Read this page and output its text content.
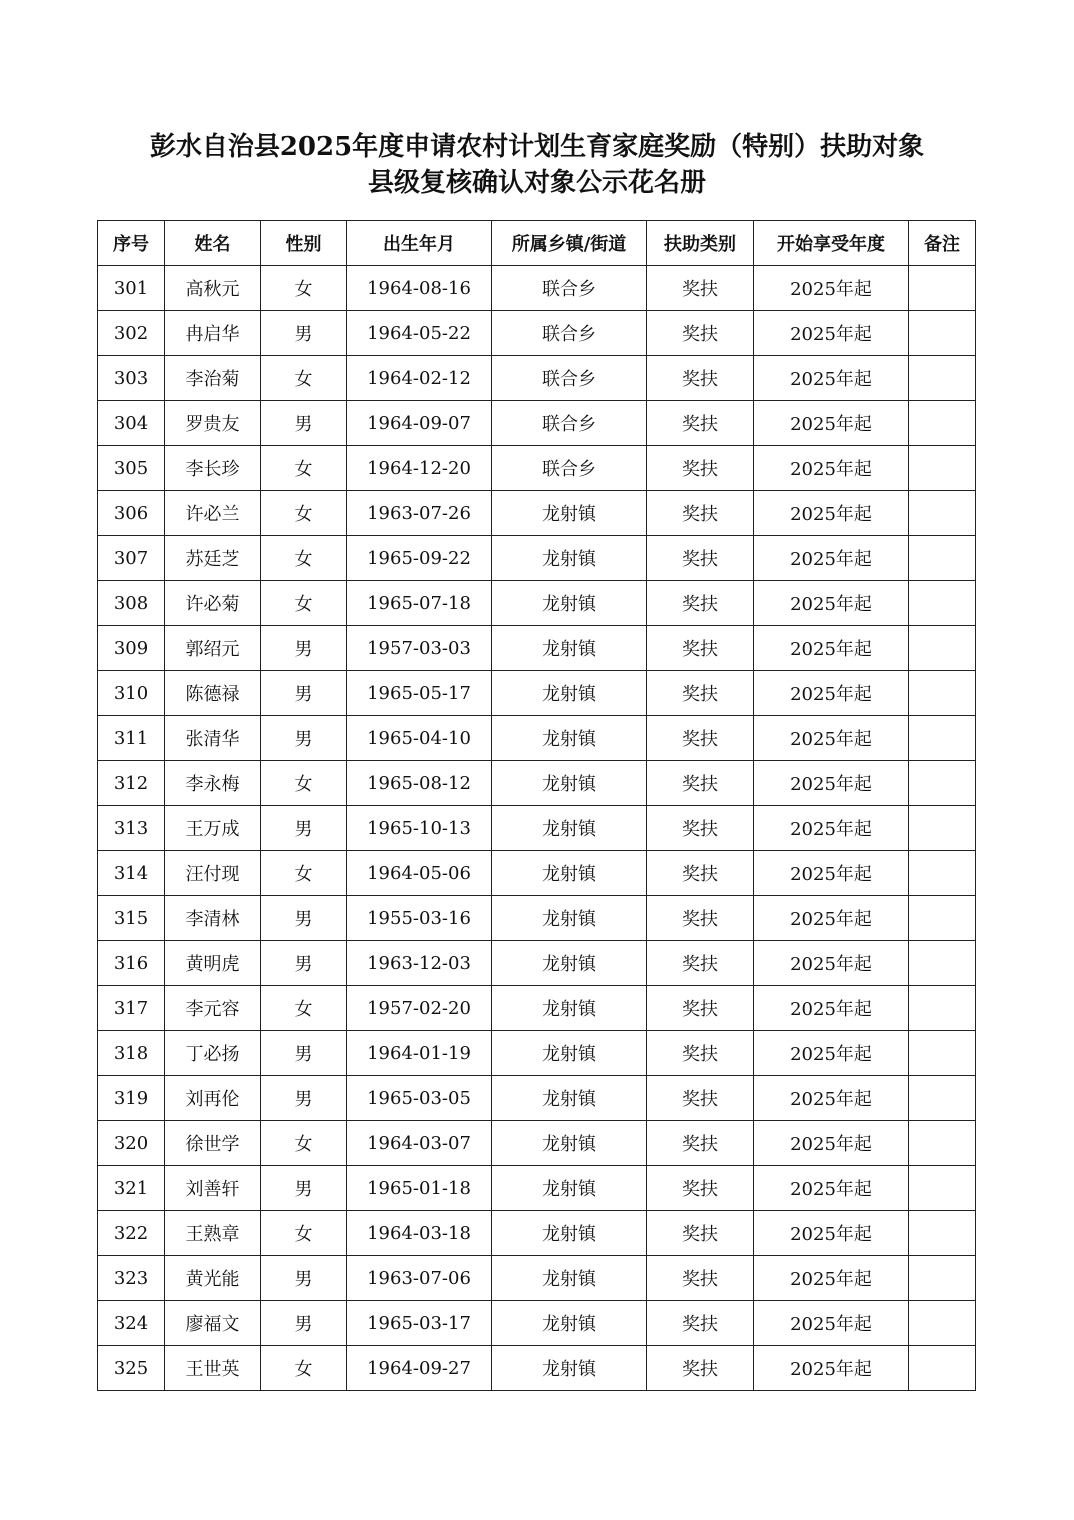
彭水自治县2025年度申请农村计划生育家庭奖励（特别）扶助对象
县级复核确认对象公示花名册
序号	姓名	性别	出生年月	所属乡镇/街道	扶助类别	开始享受年度	备注
301	高秋元	女	1964-08-16	联合乡	奖扶	2025年起	
302	冉启华	男	1964-05-22	联合乡	奖扶	2025年起	
303	李治菊	女	1964-02-12	联合乡	奖扶	2025年起	
304	罗贵友	男	1964-09-07	联合乡	奖扶	2025年起	
305	李长珍	女	1964-12-20	联合乡	奖扶	2025年起	
306	许必兰	女	1963-07-26	龙射镇	奖扶	2025年起	
307	苏廷芝	女	1965-09-22	龙射镇	奖扶	2025年起	
308	许必菊	女	1965-07-18	龙射镇	奖扶	2025年起	
309	郭绍元	男	1957-03-03	龙射镇	奖扶	2025年起	
310	陈德禄	男	1965-05-17	龙射镇	奖扶	2025年起	
311	张清华	男	1965-04-10	龙射镇	奖扶	2025年起	
312	李永梅	女	1965-08-12	龙射镇	奖扶	2025年起	
313	王万成	男	1965-10-13	龙射镇	奖扶	2025年起	
314	汪付现	女	1964-05-06	龙射镇	奖扶	2025年起	
315	李清林	男	1955-03-16	龙射镇	奖扶	2025年起	
316	黄明虎	男	1963-12-03	龙射镇	奖扶	2025年起	
317	李元容	女	1957-02-20	龙射镇	奖扶	2025年起	
318	丁必扬	男	1964-01-19	龙射镇	奖扶	2025年起	
319	刘再伦	男	1965-03-05	龙射镇	奖扶	2025年起	
320	徐世学	女	1964-03-07	龙射镇	奖扶	2025年起	
321	刘善轩	男	1965-01-18	龙射镇	奖扶	2025年起	
322	王熟章	女	1964-03-18	龙射镇	奖扶	2025年起	
323	黄光能	男	1963-07-06	龙射镇	奖扶	2025年起	
324	廖福文	男	1965-03-17	龙射镇	奖扶	2025年起	
325	王世英	女	1964-09-27	龙射镇	奖扶	2025年起	
